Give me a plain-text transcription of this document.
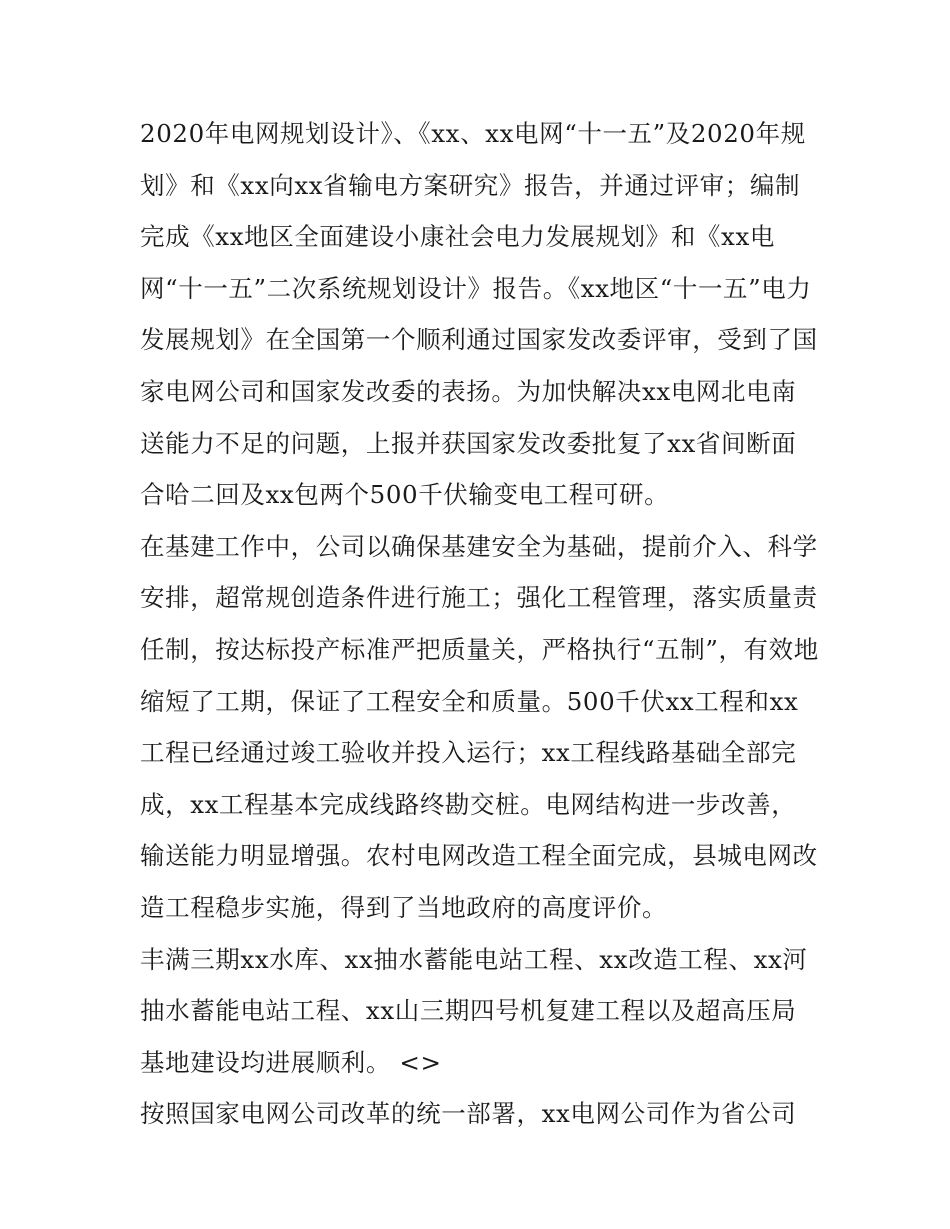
2020年电网规划设计》、《xx、xx电网“十一五”及2020年规
划》和《xx向xx省输电方案研究》报告，并通过评审；编制
完成《xx地区全面建设小康社会电力发展规划》和《xx电
网“十一五”二次系统规划设计》报告。《xx地区“十一五”电力
发展规划》在全国第一个顺利通过国家发改委评审，受到了国
家电网公司和国家发改委的表扬。为加快解决xx电网北电南
送能力不足的问题，上报并获国家发改委批复了xx省间断面
合哈二回及xx包两个500千伏输变电工程可研。
在基建工作中，公司以确保基建安全为基础，提前介入、科学
安排，超常规创造条件进行施工；强化工程管理，落实质量责
任制，按达标投产标准严把质量关，严格执行“五制”，有效地
缩短了工期，保证了工程安全和质量。500千伏xx工程和xx
工程已经通过竣工验收并投入运行；xx工程线路基础全部完
成，xx工程基本完成线路终勘交桩。电网结构进一步改善，
输送能力明显增强。农村电网改造工程全面完成，县城电网改
造工程稳步实施，得到了当地政府的高度评价。
丰满三期xx水库、xx抽水蓄能电站工程、xx改造工程、xx河
抽水蓄能电站工程、xx山三期四号机复建工程以及超高压局
基地建设均进展顺利。 <>
按照国家电网公司改革的统一部署，xx电网公司作为省公司
